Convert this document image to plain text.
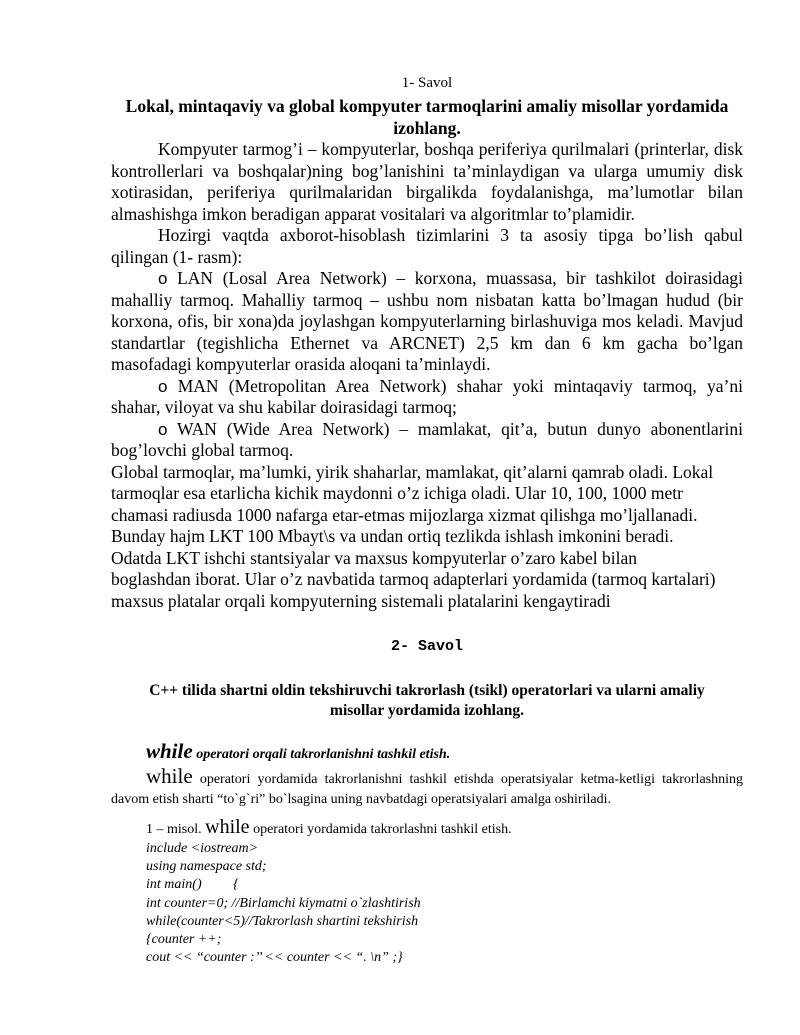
1- Savol
Lokal, mintaqaviy va global kompyuter tarmoqlarini amaliy misollar yordamida
izohlang.

Kompyuter tarmog’i – kompyuterlar, boshqa periferiya qurilmalari (printerlar, disk kontrollerlari va boshqalar)ning bog’lanishini ta’minlaydigan va ularga umumiy disk xotirasidan, periferiya qurilmalaridan birgalikda foydalanishga, ma’lumotlar bilan almashishga imkon beradigan apparat vositalari va algoritmlar to’plamidir.

Hozirgi vaqtda axborot-hisoblash tizimlarini 3 ta asosiy tipga bo’lish qabul qilingan (1- rasm):

o LAN (Losal Area Network) – korxona, muassasa, bir tashkilot doirasidagi mahalliy tarmoq. Mahalliy tarmoq – ushbu nom nisbatan katta bo’lmagan hudud (bir korxona, ofis, bir xona)da joylashgan kompyuterlarning birlashuviga mos keladi. Mavjud standartlar (tegishlicha Ethernet va ARCNET) 2,5 km dan 6 km gacha bo’lgan masofadagi kompyuterlar orasida aloqani ta’minlaydi.

o MAN (Metropolitan Area Network) shahar yoki mintaqaviy tarmoq, ya’ni shahar, viloyat va shu kabilar doirasidagi tarmoq;

o WAN (Wide Area Network) – mamlakat, qit’a, butun dunyo abonentlarini bog’lovchi global tarmoq.

Global tarmoqlar, ma’lumki, yirik shaharlar, mamlakat, qit’alarni qamrab oladi. Lokal
tarmoqlar esa etarlicha kichik maydonni o’z ichiga oladi. Ular 10, 100, 1000 metr
chamasi radiusda 1000 nafarga etar-etmas mijozlarga xizmat qilishga mo’ljallanadi.
Bunday hajm LKT 100 Mbayt\s va undan ortiq tezlikda ishlash imkonini beradi.
Odatda LKT ishchi stantsiyalar va maxsus kompyuterlar o’zaro kabel bilan
boglashdan iborat. Ular o’z navbatida tarmoq adapterlari yordamida (tarmoq kartalari)
maxsus platalar orqali kompyuterning sistemali platalarini kengaytiradi
2- Savol
C++ tilida shartni oldin tekshiruvchi takrorlash (tsikl) operatorlari va ularni amaliy
misollar yordamida izohlang.
while operatori orqali takrorlanishni tashkil etish.

while operatori yordamida takrorlanishni tashkil etishda operatsiyalar ketma-ketligi takrorlashning davom etish sharti “to`g`ri” bo`lsagina uning navbatdagi operatsiyalari amalga oshiriladi.

1 – misol. while operatori yordamida takrorlashni tashkil etish.
include <iostream>
using namespace std;
int main()         {
int counter=0; //Birlamchi kiymatni o`zlashtirish
while(counter<5)//Takrorlash shartini tekshirish
{counter ++;
cout << “counter :’’ << counter << “. \n” ;}
